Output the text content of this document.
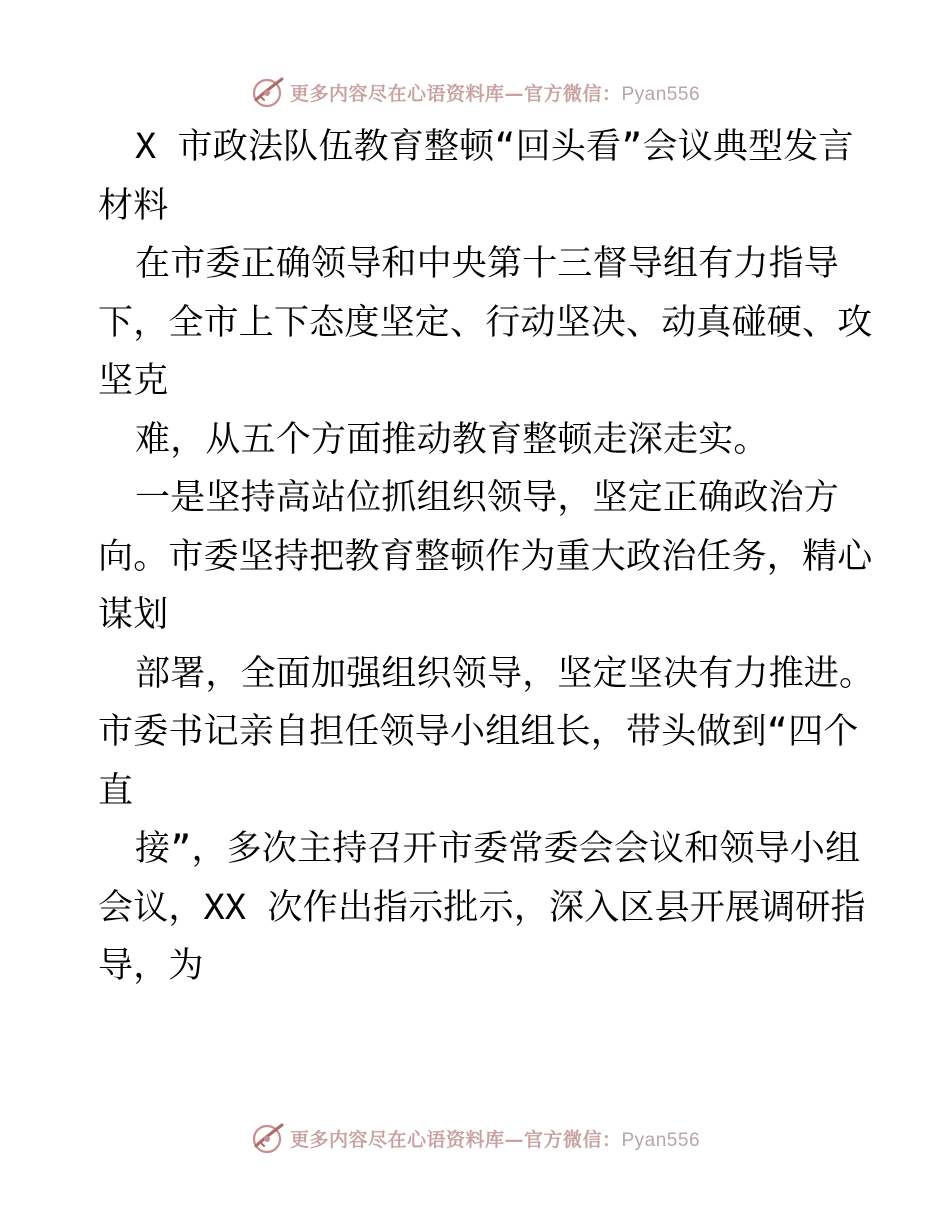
更多内容尽在心语资料库—官方微信：Pyan556
X 市政法队伍教育整顿“回头看”会议典型发言
材料
在市委正确领导和中央第十三督导组有力指导
下，全市上下态度坚定、行动坚决、动真碰硬、攻
坚克
难，从五个方面推动教育整顿走深走实。
一是坚持高站位抓组织领导，坚定正确政治方
向。市委坚持把教育整顿作为重大政治任务，精心
谋划
部署，全面加强组织领导，坚定坚决有力推进。
市委书记亲自担任领导小组组长，带头做到“四个
直
接”，多次主持召开市委常委会会议和领导小组
会议，XX 次作出指示批示，深入区县开展调研指
导，为
更多内容尽在心语资料库—官方微信：Pyan556
